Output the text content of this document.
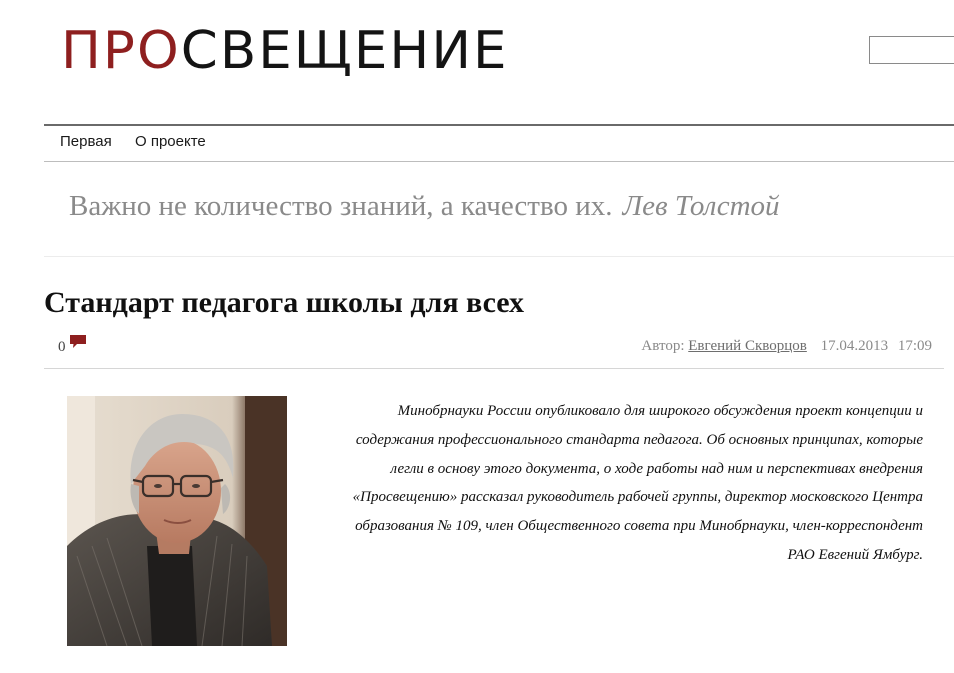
ПРО СВЕЩЕНИЕ
Первая О проекте
Важно не количество знаний, а качество их. Лев Толстой
Стандарт педагога школы для всех
0	Автор: Евгений Скворцов 17.04.2013 17:09

Минобрнауки России опубликовало для широкого обсуждения проект концепции и содержания профессионального стандарта педагога. Об основных принципах, которые легли в основу этого документа, о ходе работы над ним и перспективах внедрения «Просвещению» рассказал руководитель рабочей группы, директор московского Центра образования № 109, член Общественного совета при Минобрнауки, член-корреспондент РАО Евгений Ямбург.
